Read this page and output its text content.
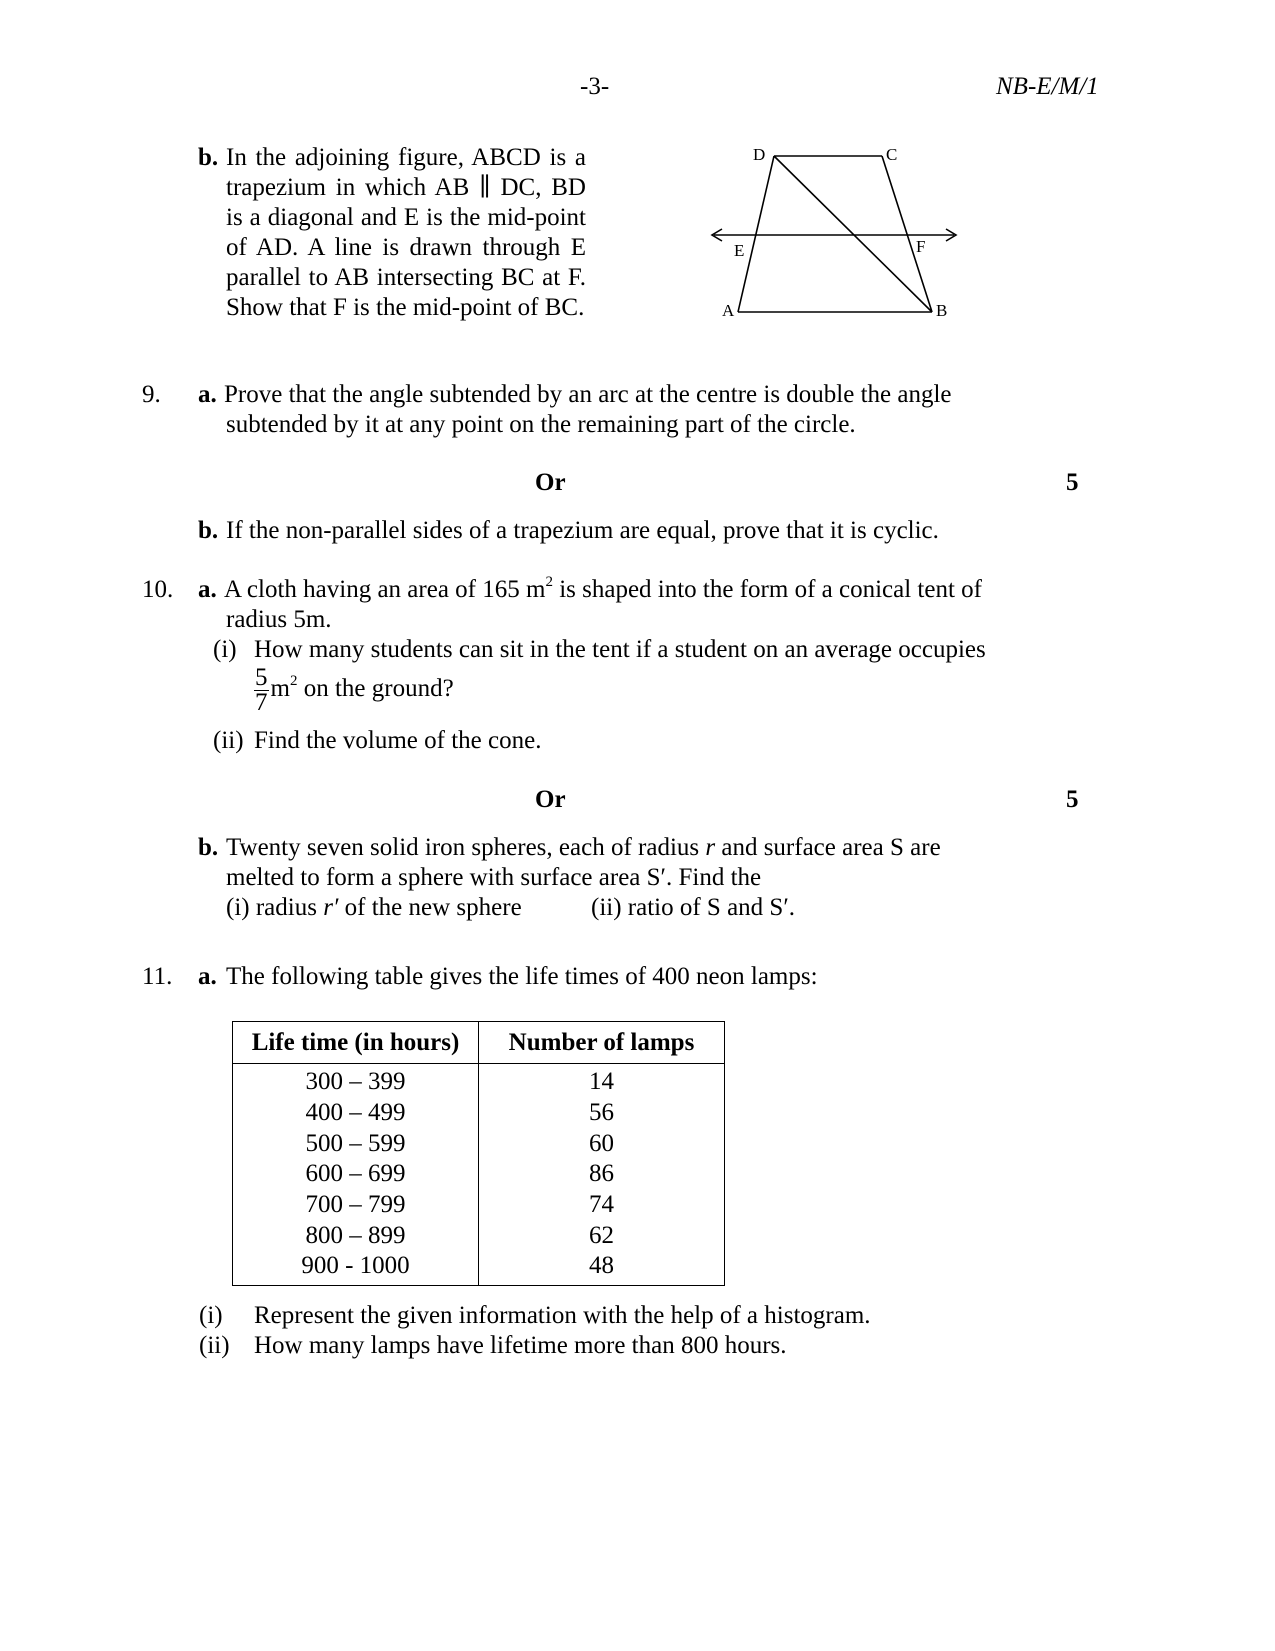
-3-	NB-E/M/1
b. In the adjoining figure, ABCD is a trapezium in which AB ∥ DC, BD is a diagonal and E is the mid-point of AD. A line is drawn through E parallel to AB intersecting BC at F. Show that F is the mid-point of BC.
D	C
E	F
A	B
9. a. Prove that the angle subtended by an arc at the centre is double the angle
subtended by it at any point on the remaining part of the circle.
Or	5
b. If the non-parallel sides of a trapezium are equal, prove that it is cyclic.
10. a. A cloth having an area of 165 $m^2$ is shaped into the form of a conical tent of
radius 5m.
(i) How many students can sit in the tent if a student on an average occupies
$\frac{5}{7} m^2$ on the ground?
(ii) Find the volume of the cone.
Or	5
b. Twenty seven solid iron spheres, each of radius r and surface area S are
melted to form a sphere with surface area S′. Find the
(i) radius r′ of the new sphere	(ii) ratio of S and S′.
11. a. The following table gives the life times of 400 neon lamps:
Life time (in hours)	Number of lamps
300 – 399	14
400 – 499	56
500 – 599	60
600 – 699	86
700 – 799	74
800 – 899	62
900 - 1000	48
(i) Represent the given information with the help of a histogram.
(ii) How many lamps have lifetime more than 800 hours.
